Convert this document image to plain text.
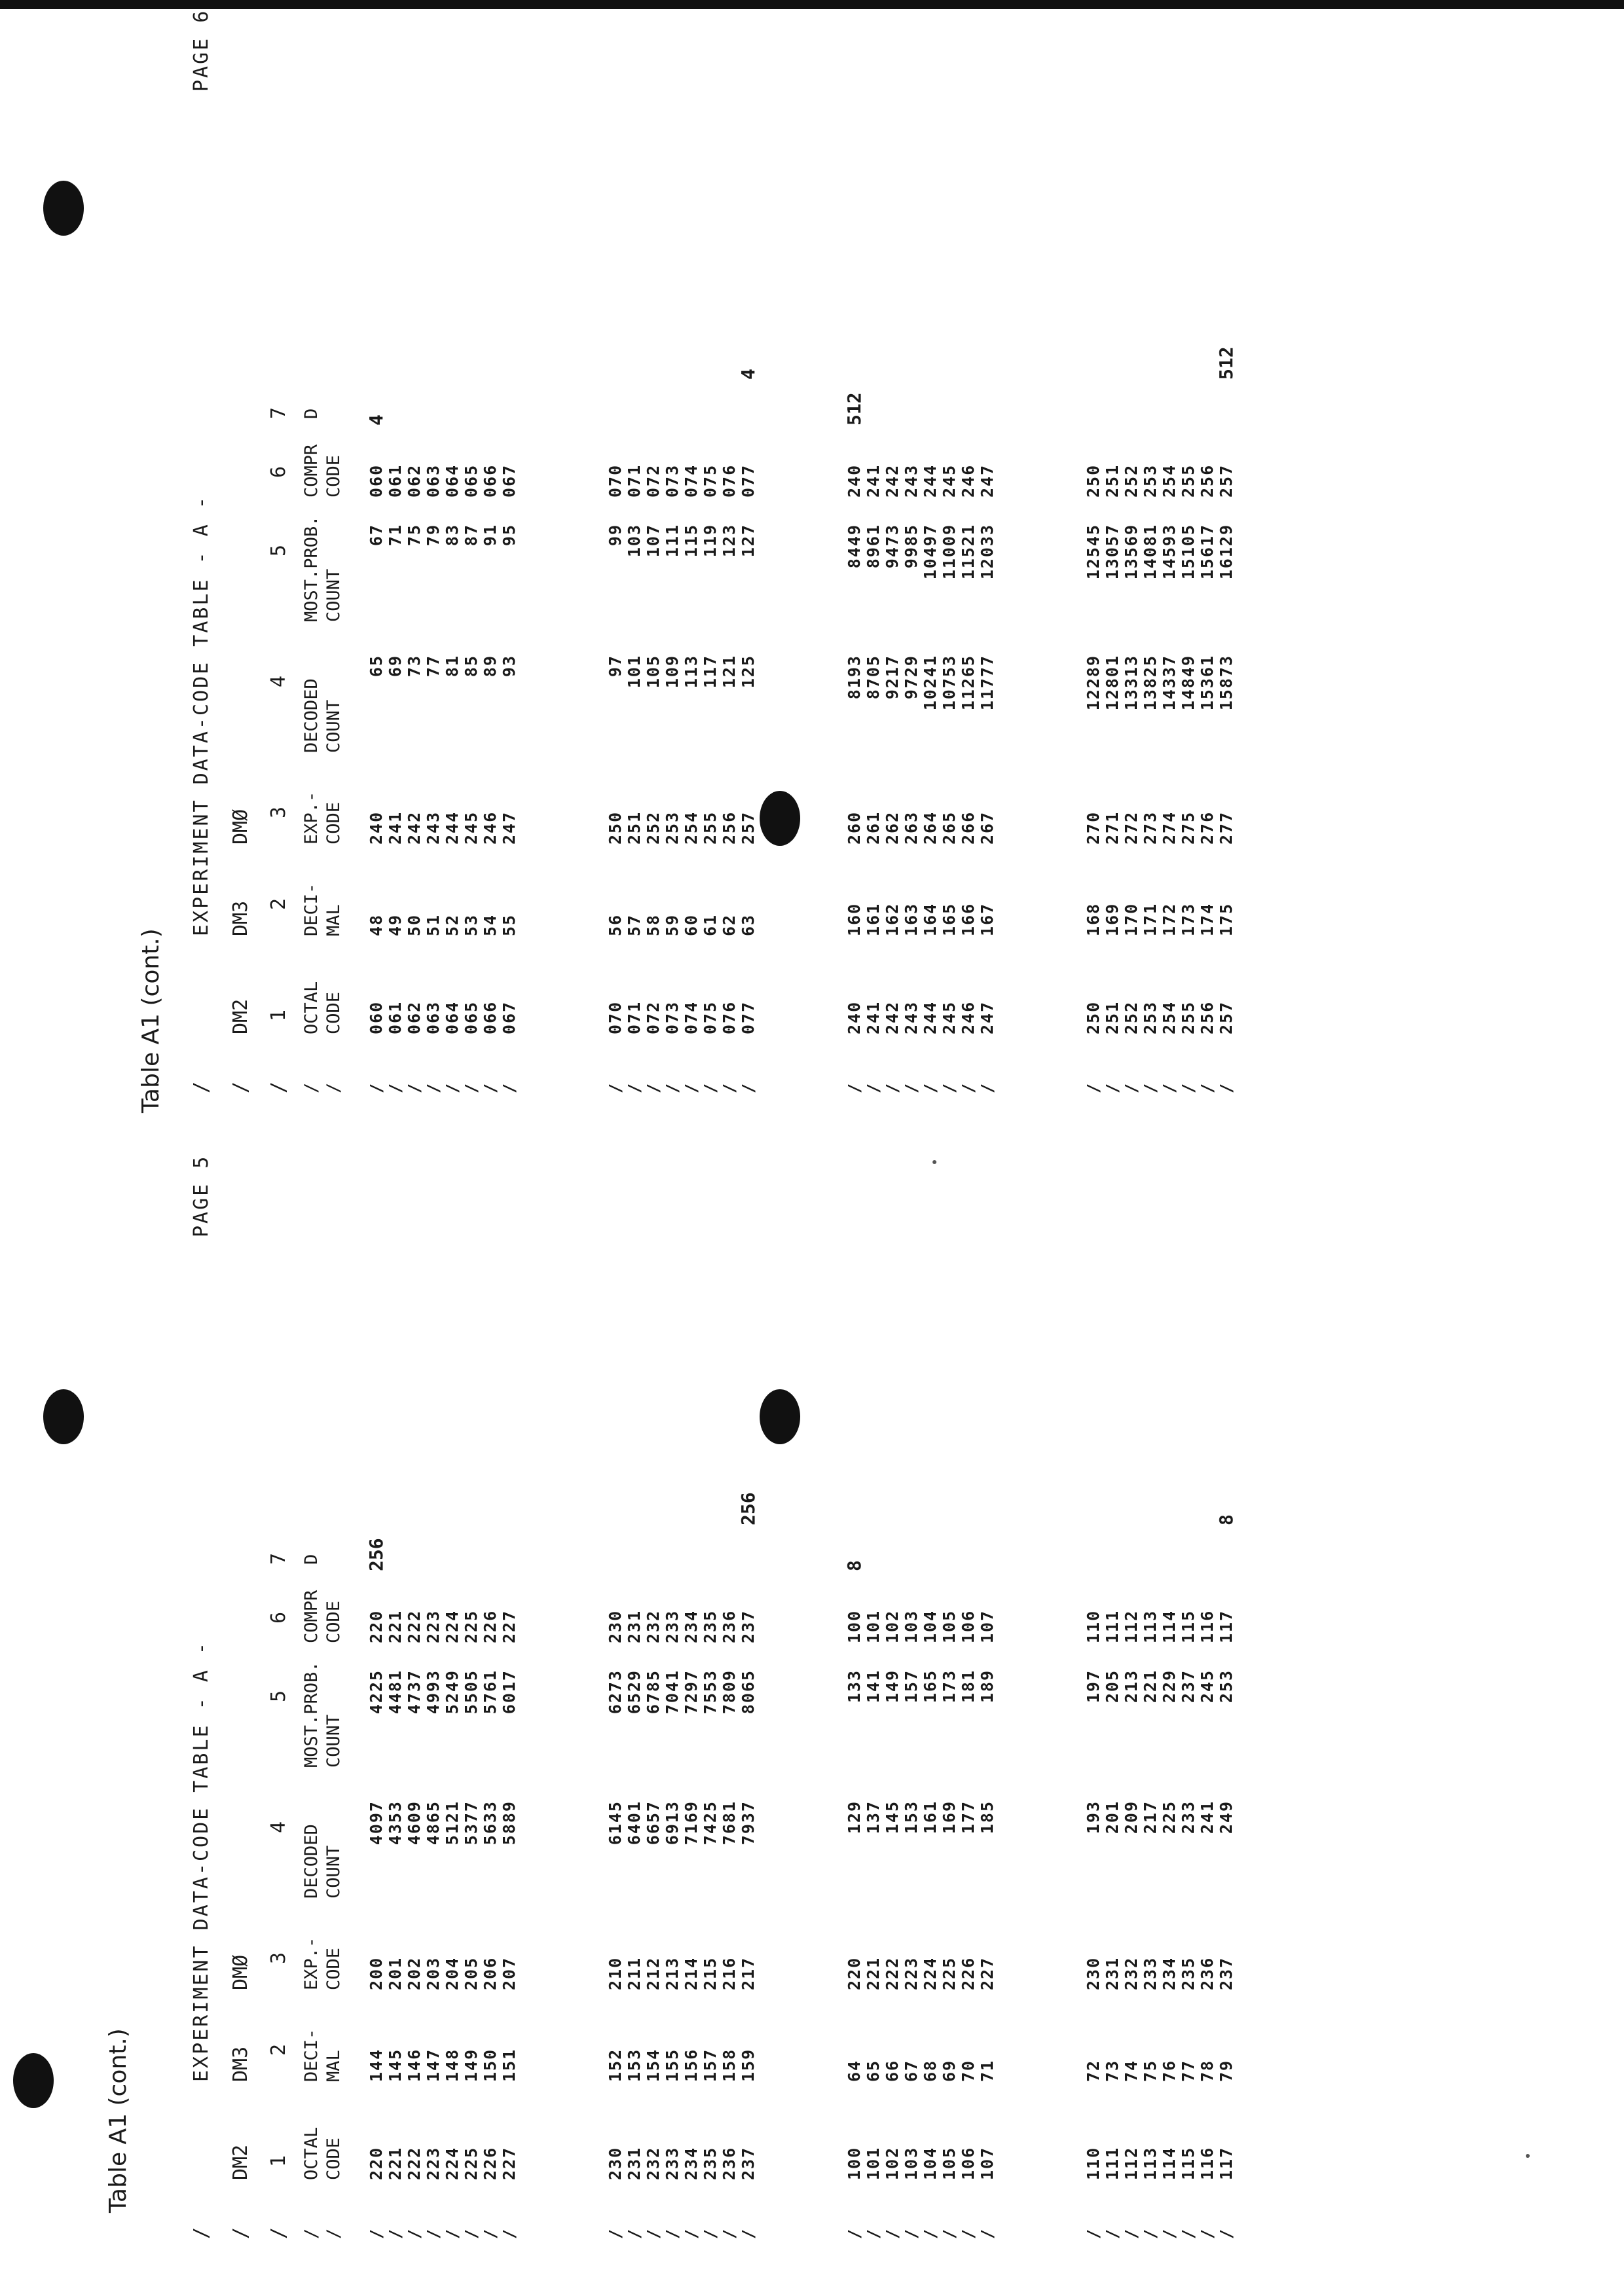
Table A1 (cont.)
Table A1 (cont.)
/
EXPERIMENT DATA-CODE TABLE - A -
PAGE 5
/
DM2
DM3
DMØ
/
1
2
3
4
5
6
7
/
OCTAL
DECI-
EXP.-
DECODED
MOST.PROB.
COMPR
D
/
CODE
MAL
CODE
COUNT
COUNT
CODE
/
220
144
200
4097
4225
220
/
221
145
201
4353
4481
221
/
222
146
202
4609
4737
222
/
223
147
203
4865
4993
223
/
224
148
204
5121
5249
224
/
225
149
205
5377
5505
225
/
226
150
206
5633
5761
226
/
227
151
207
5889
6017
227
256
/
230
152
210
6145
6273
230
/
231
153
211
6401
6529
231
/
232
154
212
6657
6785
232
/
233
155
213
6913
7041
233
/
234
156
214
7169
7297
234
/
235
157
215
7425
7553
235
/
236
158
216
7681
7809
236
/
237
159
217
7937
8065
237
256
/
100
64
220
129
133
100
/
101
65
221
137
141
101
/
102
66
222
145
149
102
/
103
67
223
153
157
103
/
104
68
224
161
165
104
/
105
69
225
169
173
105
/
106
70
226
177
181
106
/
107
71
227
185
189
107
8
/
110
72
230
193
197
110
/
111
73
231
201
205
111
/
112
74
232
209
213
112
/
113
75
233
217
221
113
/
114
76
234
225
229
114
/
115
77
235
233
237
115
/
116
78
236
241
245
116
/
117
79
237
249
253
117
8
/
EXPERIMENT DATA-CODE TABLE - A -
PAGE 6
/
DM2
DM3
DMØ
/
1
2
3
4
5
6
7
/
OCTAL
DECI-
EXP.-
DECODED
MOST.PROB.
COMPR
D
/
CODE
MAL
CODE
COUNT
COUNT
CODE
/
060
48
240
65
67
060
/
061
49
241
69
71
061
/
062
50
242
73
75
062
/
063
51
243
77
79
063
/
064
52
244
81
83
064
/
065
53
245
85
87
065
/
066
54
246
89
91
066
/
067
55
247
93
95
067
4
/
070
56
250
97
99
070
/
071
57
251
101
103
071
/
072
58
252
105
107
072
/
073
59
253
109
111
073
/
074
60
254
113
115
074
/
075
61
255
117
119
075
/
076
62
256
121
123
076
/
077
63
257
125
127
077
4
/
240
160
260
8193
8449
240
/
241
161
261
8705
8961
241
/
242
162
262
9217
9473
242
/
243
163
263
9729
9985
243
/
244
164
264
10241
10497
244
/
245
165
265
10753
11009
245
/
246
166
266
11265
11521
246
/
247
167
267
11777
12033
247
512
/
250
168
270
12289
12545
250
/
251
169
271
12801
13057
251
/
252
170
272
13313
13569
252
/
253
171
273
13825
14081
253
/
254
172
274
14337
14593
254
/
255
173
275
14849
15105
255
/
256
174
276
15361
15617
256
/
257
175
277
15873
16129
257
512
